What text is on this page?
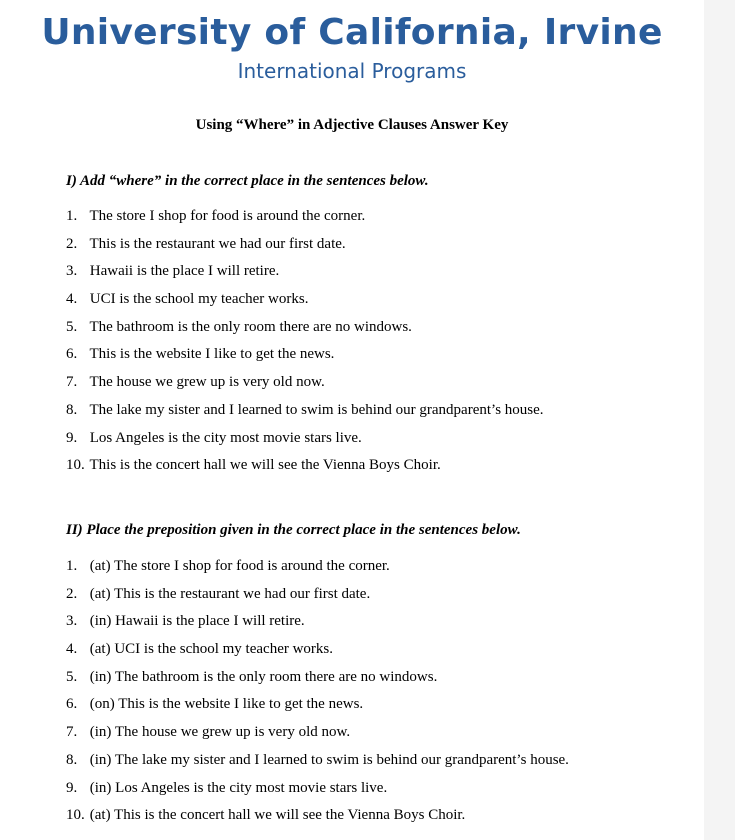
University of California, Irvine
International Programs
Using “Where” in Adjective Clauses Answer Key
I) Add “where” in the correct place in the sentences below.
1. The store I shop for food is around the corner.
2. This is the restaurant we had our first date.
3. Hawaii is the place I will retire.
4. UCI is the school my teacher works.
5. The bathroom is the only room there are no windows.
6. This is the website I like to get the news.
7. The house we grew up is very old now.
8. The lake my sister and I learned to swim is behind our grandparent’s house.
9. Los Angeles is the city most movie stars live.
10. This is the concert hall we will see the Vienna Boys Choir.
II) Place the preposition given in the correct place in the sentences below.
1. (at) The store I shop for food is around the corner.
2. (at) This is the restaurant we had our first date.
3. (in) Hawaii is the place I will retire.
4. (at) UCI is the school my teacher works.
5. (in) The bathroom is the only room there are no windows.
6. (on) This is the website I like to get the news.
7. (in) The house we grew up is very old now.
8. (in) The lake my sister and I learned to swim is behind our grandparent’s house.
9. (in) Los Angeles is the city most movie stars live.
10. (at) This is the concert hall we will see the Vienna Boys Choir.
